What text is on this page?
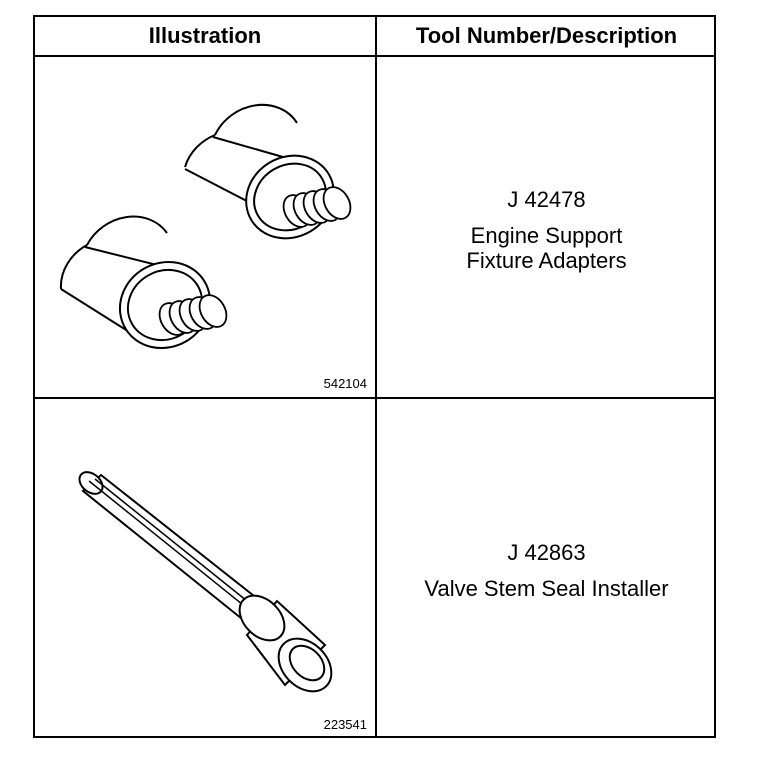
Illustration	Tool Number/Description
542104
J 42478
Engine Support Fixture Adapters
223541
J 42863
Valve Stem Seal Installer
